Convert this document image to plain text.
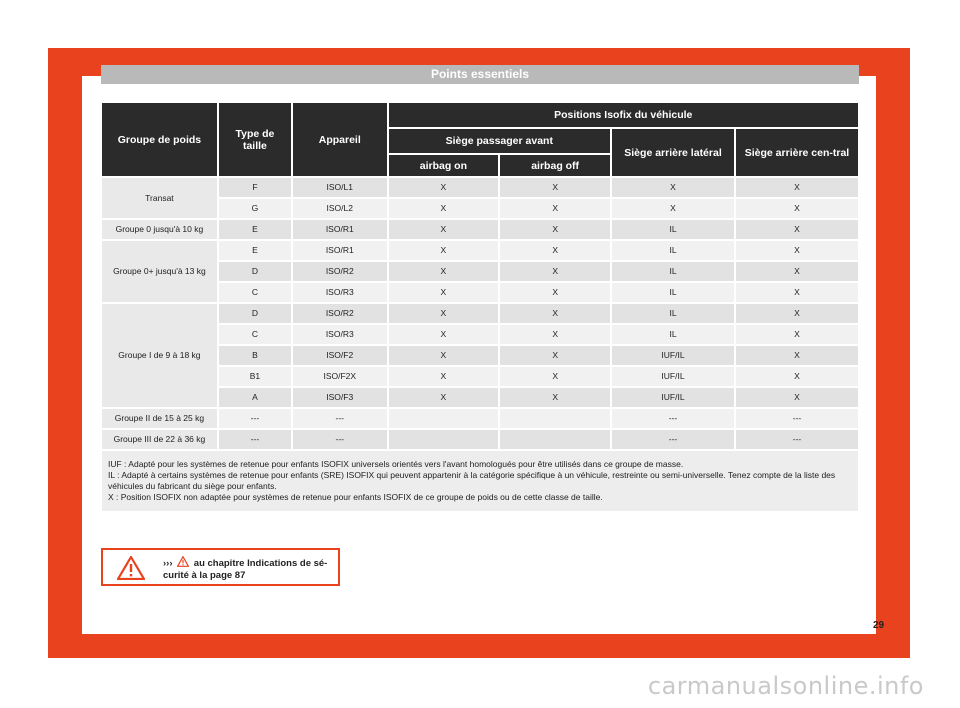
Points essentiels
Groupe de poids	Type de taille	Appareil	Positions Isofix du véhicule			
			Siège passager avant		Siège arrière latéral	Siège arrière cen-tral
			airbag on	airbag off		
Transat	F	ISO/L1	X	X	X	X
	G	ISO/L2	X	X	X	X
Groupe 0 jusqu'à 10 kg	E	ISO/R1	X	X	IL	X
Groupe 0+ jusqu'à 13 kg	E	ISO/R1	X	X	IL	X
	D	ISO/R2	X	X	IL	X
	C	ISO/R3	X	X	IL	X
Groupe I de 9 à 18 kg	D	ISO/R2	X	X	IL	X
	C	ISO/R3	X	X	IL	X
	B	ISO/F2	X	X	IUF/IL	X
	B1	ISO/F2X	X	X	IUF/IL	X
	A	ISO/F3	X	X	IUF/IL	X
Groupe II de 15 à 25 kg	---	---			---	---
Groupe III de 22 à 36 kg	---	---			---	---

IUF : Adapté pour les systèmes de retenue pour enfants ISOFIX universels orientés vers l'avant homologués pour être utilisés dans ce groupe de masse.
IL : Adapté à certains systèmes de retenue pour enfants (SRE) ISOFIX qui peuvent appartenir à la catégorie spécifique à un véhicule, restreinte ou semi-universelle. Tenez compte de la liste des véhicules du fabricant du siège pour enfants.
X : Position ISOFIX non adaptée pour systèmes de retenue pour enfants ISOFIX de ce groupe de poids ou de cette classe de taille.						
››› au chapitre Indications de sé-curité à la page 87
29
carmanualsonline.info
